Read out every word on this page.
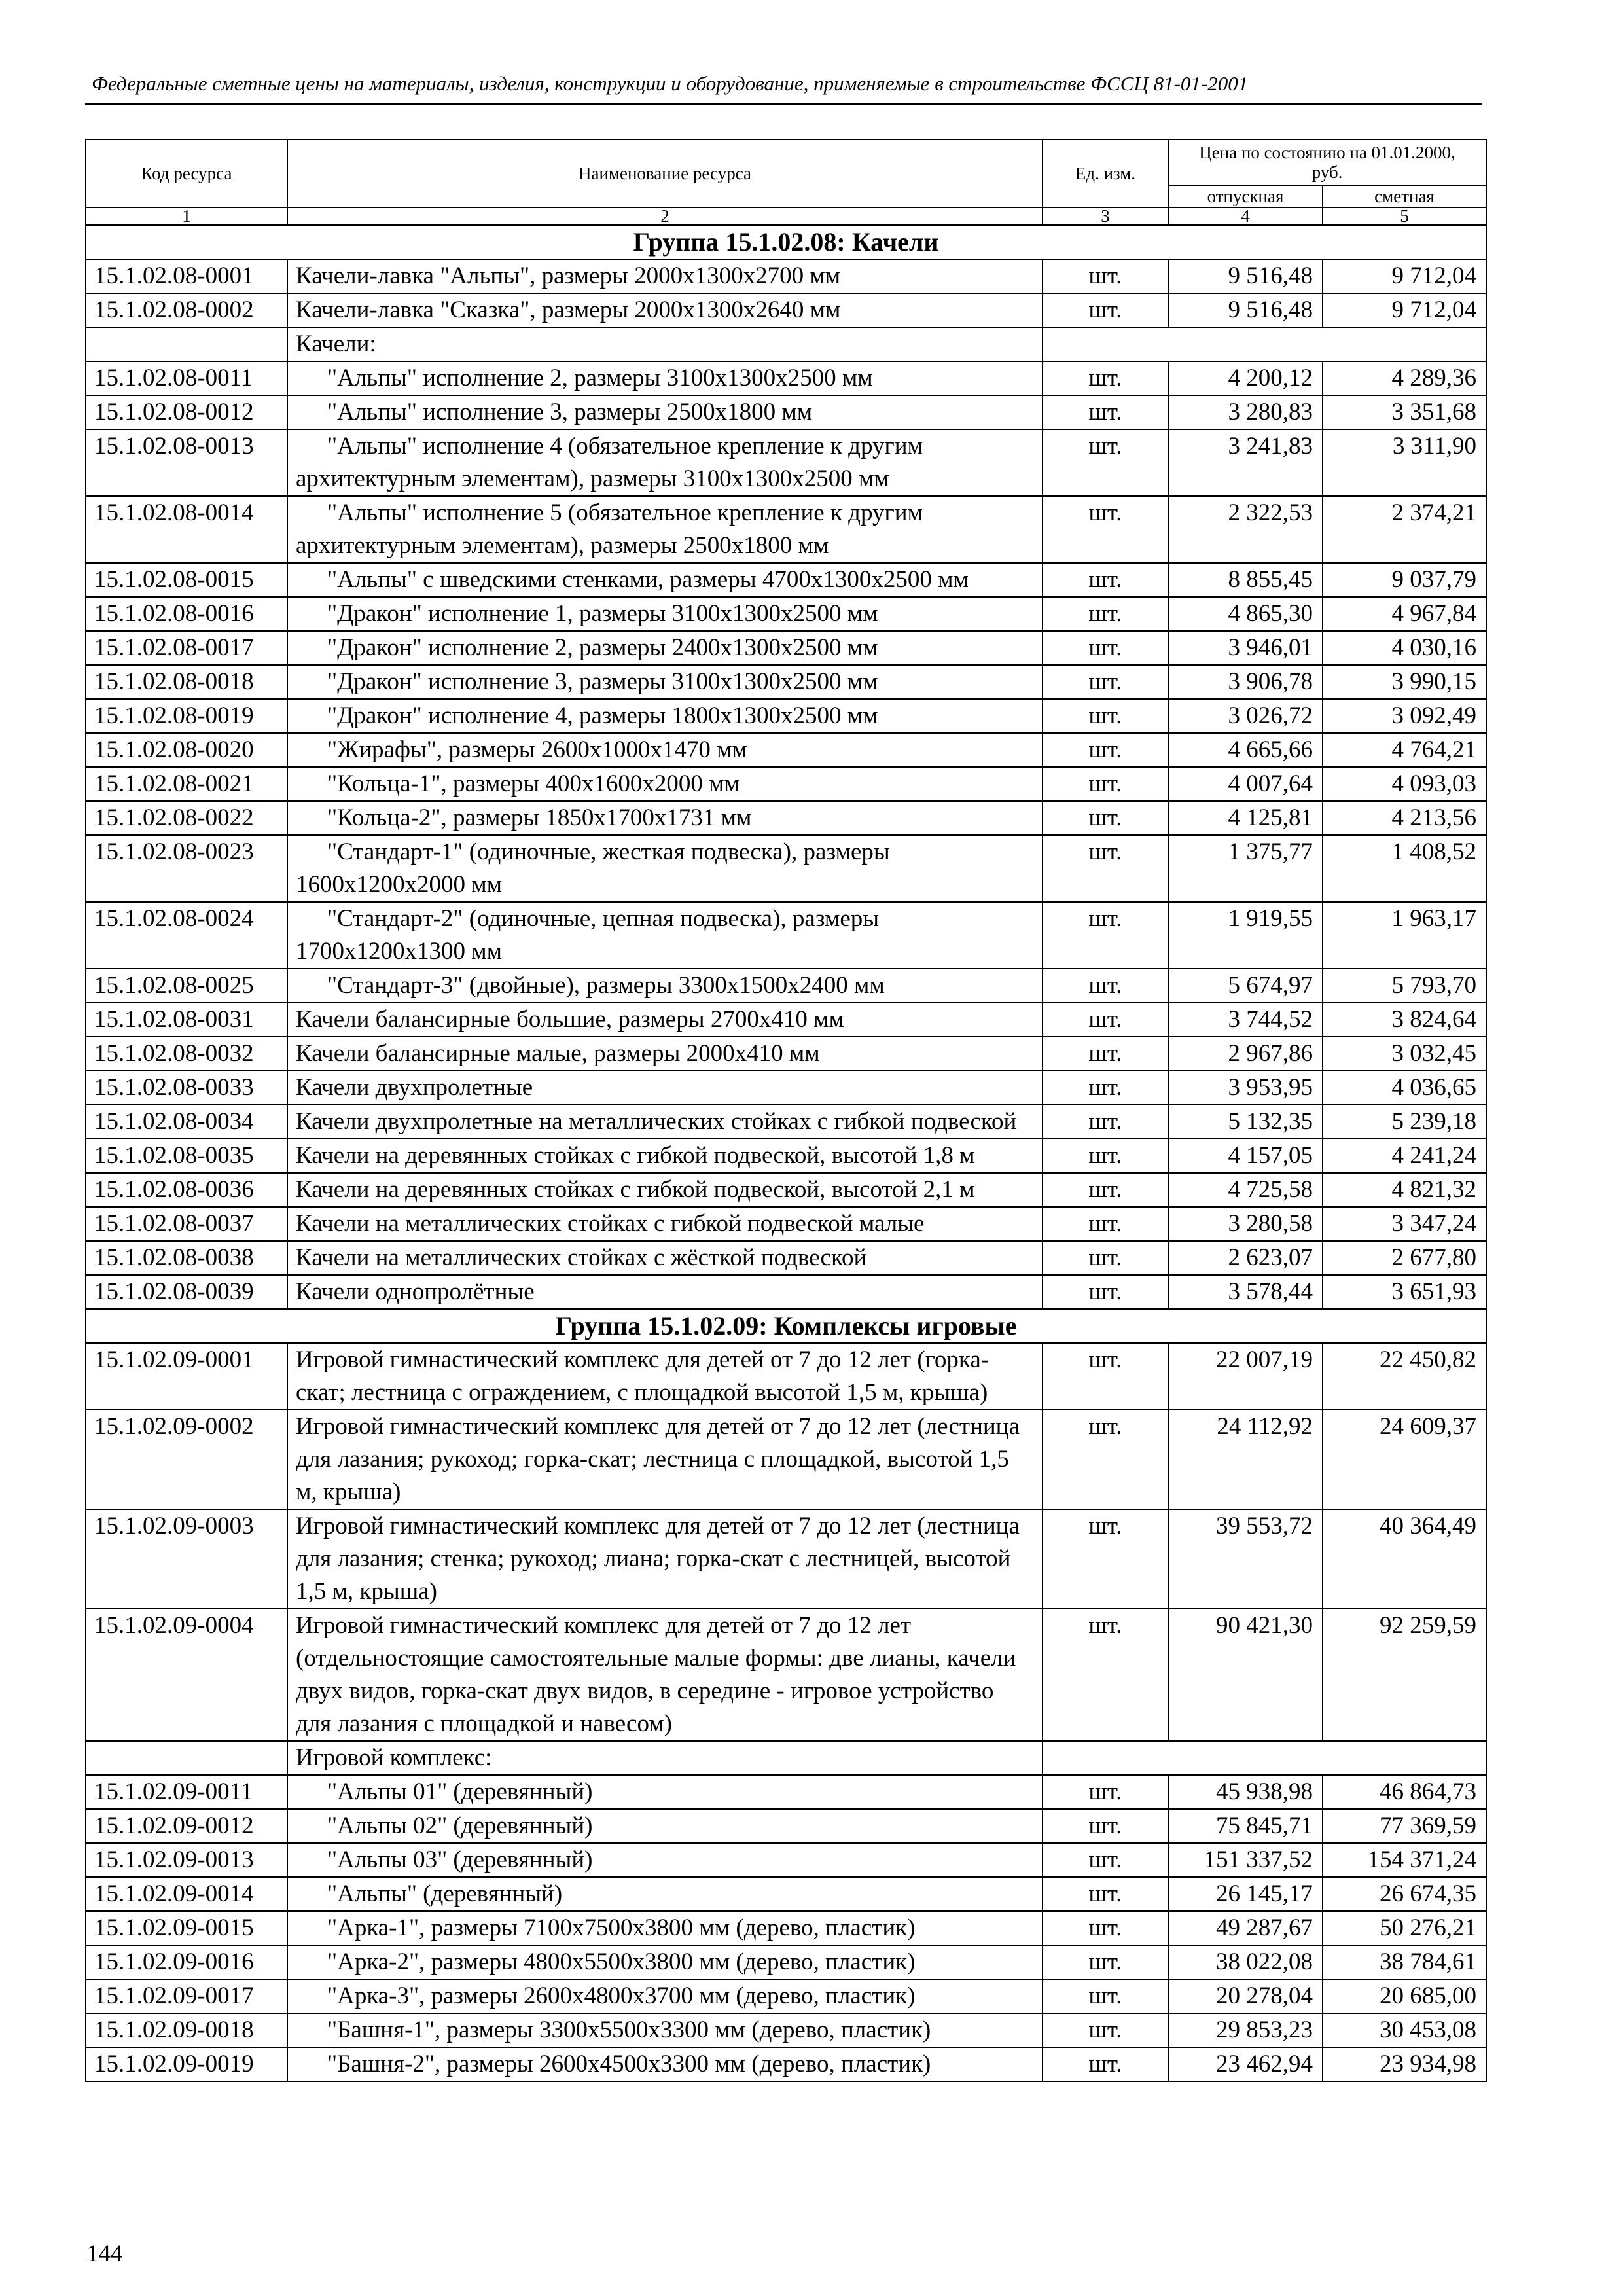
Федеральные сметные цены на материалы, изделия, конструкции и оборудование, применяемые в строительстве ФССЦ 81-01-2001
Код ресурса	Наименование ресурса	Ед. изм.	Цена по состоянию на 01.01.2000, руб.	
			отпускная	сметная
1	2	3	4	5
Группа 15.1.02.08: Качели				
15.1.02.08-0001	Качели-лавка "Альпы", размеры 2000х1300х2700 мм	шт.	9 516,48	9 712,04
15.1.02.08-0002	Качели-лавка "Сказка", размеры 2000х1300х2640 мм	шт.	9 516,48	9 712,04
	Качели:			
15.1.02.08-0011	"Альпы" исполнение 2, размеры 3100х1300х2500 мм	шт.	4 200,12	4 289,36
15.1.02.08-0012	"Альпы" исполнение 3, размеры 2500х1800 мм	шт.	3 280,83	3 351,68
15.1.02.08-0013	"Альпы" исполнение 4 (обязательное крепление к другим архитектурным элементам), размеры 3100х1300х2500 мм	шт.	3 241,83	3 311,90
15.1.02.08-0014	"Альпы" исполнение 5 (обязательное крепление к другим архитектурным элементам), размеры 2500х1800 мм	шт.	2 322,53	2 374,21
15.1.02.08-0015	"Альпы" с шведскими стенками, размеры 4700х1300х2500 мм	шт.	8 855,45	9 037,79
15.1.02.08-0016	"Дракон" исполнение 1, размеры 3100х1300х2500 мм	шт.	4 865,30	4 967,84
15.1.02.08-0017	"Дракон" исполнение 2, размеры 2400х1300х2500 мм	шт.	3 946,01	4 030,16
15.1.02.08-0018	"Дракон" исполнение 3, размеры 3100х1300х2500 мм	шт.	3 906,78	3 990,15
15.1.02.08-0019	"Дракон" исполнение 4, размеры 1800х1300х2500 мм	шт.	3 026,72	3 092,49
15.1.02.08-0020	"Жирафы", размеры 2600х1000х1470 мм	шт.	4 665,66	4 764,21
15.1.02.08-0021	"Кольца-1", размеры 400х1600х2000 мм	шт.	4 007,64	4 093,03
15.1.02.08-0022	"Кольца-2", размеры 1850х1700х1731 мм	шт.	4 125,81	4 213,56
15.1.02.08-0023	"Стандарт-1" (одиночные, жесткая подвеска), размеры 1600х1200х2000 мм	шт.	1 375,77	1 408,52
15.1.02.08-0024	"Стандарт-2" (одиночные, цепная подвеска), размеры 1700х1200х1300 мм	шт.	1 919,55	1 963,17
15.1.02.08-0025	"Стандарт-3" (двойные), размеры 3300х1500х2400 мм	шт.	5 674,97	5 793,70
15.1.02.08-0031	Качели балансирные большие, размеры 2700х410 мм	шт.	3 744,52	3 824,64
15.1.02.08-0032	Качели балансирные малые, размеры 2000х410 мм	шт.	2 967,86	3 032,45
15.1.02.08-0033	Качели двухпролетные	шт.	3 953,95	4 036,65
15.1.02.08-0034	Качели двухпролетные на металлических стойках с гибкой подвеской	шт.	5 132,35	5 239,18
15.1.02.08-0035	Качели на деревянных стойках с гибкой подвеской, высотой 1,8 м	шт.	4 157,05	4 241,24
15.1.02.08-0036	Качели на деревянных стойках с гибкой подвеской, высотой 2,1 м	шт.	4 725,58	4 821,32
15.1.02.08-0037	Качели на металлических стойках с гибкой подвеской малые	шт.	3 280,58	3 347,24
15.1.02.08-0038	Качели на металлических стойках с жёсткой подвеской	шт.	2 623,07	2 677,80
15.1.02.08-0039	Качели однопролётные	шт.	3 578,44	3 651,93
Группа 15.1.02.09: Комплексы игровые				
15.1.02.09-0001	Игровой гимнастический комплекс для детей от 7 до 12 лет (горка-скат; лестница с ограждением, с площадкой высотой 1,5 м, крыша)	шт.	22 007,19	22 450,82
15.1.02.09-0002	Игровой гимнастический комплекс для детей от 7 до 12 лет (лестница для лазания; рукоход; горка-скат; лестница с площадкой, высотой 1,5 м, крыша)	шт.	24 112,92	24 609,37
15.1.02.09-0003	Игровой гимнастический комплекс для детей от 7 до 12 лет (лестница для лазания; стенка; рукоход; лиана; горка-скат с лестницей, высотой 1,5 м, крыша)	шт.	39 553,72	40 364,49
15.1.02.09-0004	Игровой гимнастический комплекс для детей от 7 до 12 лет (отдельностоящие самостоятельные малые формы: две лианы, качели двух видов, горка-скат двух видов, в середине - игровое устройство для лазания с площадкой и навесом)	шт.	90 421,30	92 259,59
	Игровой комплекс:			
15.1.02.09-0011	"Альпы 01" (деревянный)	шт.	45 938,98	46 864,73
15.1.02.09-0012	"Альпы 02" (деревянный)	шт.	75 845,71	77 369,59
15.1.02.09-0013	"Альпы 03" (деревянный)	шт.	151 337,52	154 371,24
15.1.02.09-0014	"Альпы" (деревянный)	шт.	26 145,17	26 674,35
15.1.02.09-0015	"Арка-1", размеры 7100х7500х3800 мм (дерево, пластик)	шт.	49 287,67	50 276,21
15.1.02.09-0016	"Арка-2", размеры 4800х5500х3800 мм (дерево, пластик)	шт.	38 022,08	38 784,61
15.1.02.09-0017	"Арка-3", размеры 2600х4800х3700 мм (дерево, пластик)	шт.	20 278,04	20 685,00
15.1.02.09-0018	"Башня-1", размеры 3300х5500х3300 мм (дерево, пластик)	шт.	29 853,23	30 453,08
15.1.02.09-0019	"Башня-2", размеры 2600х4500х3300 мм (дерево, пластик)	шт.	23 462,94	23 934,98
144
